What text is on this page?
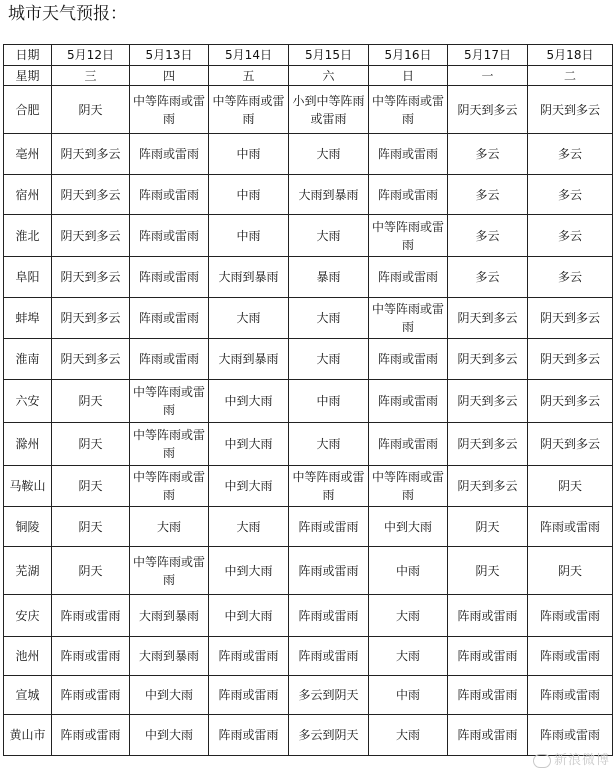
城市天气预报：
日期	5月12日	5月13日	5月14日	5月15日	5月16日	5月17日	5月18日
星期	三	四	五	六	日	一	二
合肥	阴天	中等阵雨或雷雨	中等阵雨或雷雨	小到中等阵雨或雷雨	中等阵雨或雷雨	阴天到多云	阴天到多云
亳州	阴天到多云	阵雨或雷雨	中雨	大雨	阵雨或雷雨	多云	多云
宿州	阴天到多云	阵雨或雷雨	中雨	大雨到暴雨	阵雨或雷雨	多云	多云
淮北	阴天到多云	阵雨或雷雨	中雨	大雨	中等阵雨或雷雨	多云	多云
阜阳	阴天到多云	阵雨或雷雨	大雨到暴雨	暴雨	阵雨或雷雨	多云	多云
蚌埠	阴天到多云	阵雨或雷雨	大雨	大雨	中等阵雨或雷雨	阴天到多云	阴天到多云
淮南	阴天到多云	阵雨或雷雨	大雨到暴雨	大雨	阵雨或雷雨	阴天到多云	阴天到多云
六安	阴天	中等阵雨或雷雨	中到大雨	中雨	阵雨或雷雨	阴天到多云	阴天到多云
滁州	阴天	中等阵雨或雷雨	中到大雨	大雨	阵雨或雷雨	阴天到多云	阴天到多云
马鞍山	阴天	中等阵雨或雷雨	中到大雨	中等阵雨或雷雨	中等阵雨或雷雨	阴天到多云	阴天
铜陵	阴天	大雨	大雨	阵雨或雷雨	中到大雨	阴天	阵雨或雷雨
芜湖	阴天	中等阵雨或雷雨	中到大雨	阵雨或雷雨	中雨	阴天	阴天
安庆	阵雨或雷雨	大雨到暴雨	中到大雨	阵雨或雷雨	大雨	阵雨或雷雨	阵雨或雷雨
池州	阵雨或雷雨	大雨到暴雨	阵雨或雷雨	阵雨或雷雨	大雨	阵雨或雷雨	阵雨或雷雨
宣城	阵雨或雷雨	中到大雨	阵雨或雷雨	多云到阴天	中雨	阵雨或雷雨	阵雨或雷雨
黄山市	阵雨或雷雨	中到大雨	阵雨或雷雨	多云到阴天	大雨	阵雨或雷雨	阵雨或雷雨
新浪微博
